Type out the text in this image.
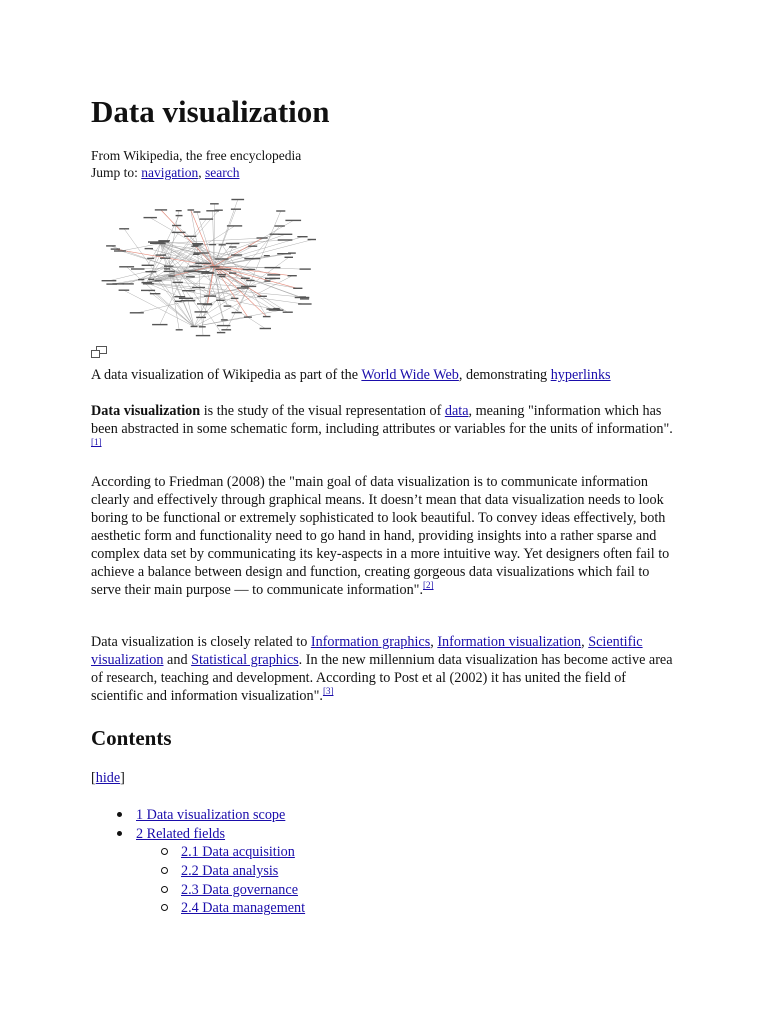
Data visualization
From Wikipedia, the free encyclopedia
Jump to: navigation, search
A data visualization of Wikipedia as part of the World Wide Web, demonstrating hyperlinks

Data visualization is the study of the visual representation of data, meaning "information which has been abstracted in some schematic form, including attributes or variables for the units of information".[1]

According to Friedman (2008) the "main goal of data visualization is to communicate information clearly and effectively through graphical means. It doesn’t mean that data visualization needs to look boring to be functional or extremely sophisticated to look beautiful. To convey ideas effectively, both aesthetic form and functionality need to go hand in hand, providing insights into a rather sparse and complex data set by communicating its key-aspects in a more intuitive way. Yet designers often fail to achieve a balance between design and function, creating gorgeous data visualizations which fail to serve their main purpose — to communicate information".[2]

Data visualization is closely related to Information graphics, Information visualization, Scientific visualization and Statistical graphics. In the new millennium data visualization has become active area of research, teaching and development. According to Post et al (2002) it has united the field of scientific and information visualization".[3]

Contents
[hide]
1 Data visualization scope
2 Related fields
2.1 Data acquisition
2.2 Data analysis
2.3 Data governance
2.4 Data management
